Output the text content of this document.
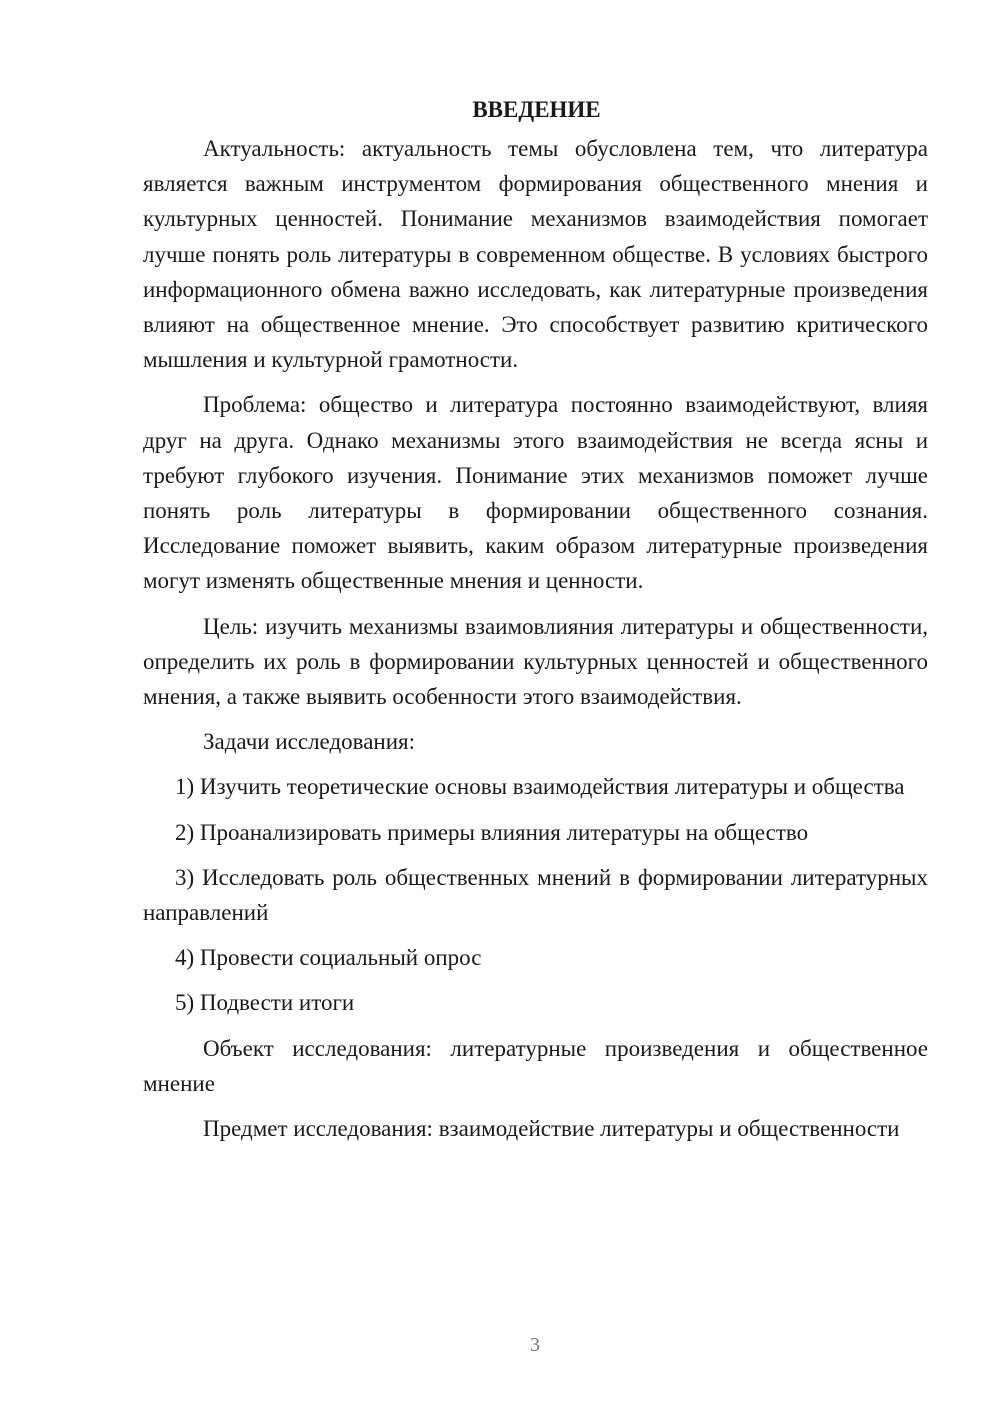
ВВЕДЕНИЕ

Актуальность: актуальность темы обусловлена тем, что литература является важным инструментом формирования общественного мнения и культурных ценностей. Понимание механизмов взаимодействия помогает лучше понять роль литературы в современном обществе. В условиях быстрого информационного обмена важно исследовать, как литературные произведения влияют на общественное мнение. Это способствует развитию критического мышления и культурной грамотности.

Проблема: общество и литература постоянно взаимодействуют, влияя друг на друга. Однако механизмы этого взаимодействия не всегда ясны и требуют глубокого изучения. Понимание этих механизмов поможет лучше понять роль литературы в формировании общественного сознания. Исследование поможет выявить, каким образом литературные произведения могут изменять общественные мнения и ценности.

Цель: изучить механизмы взаимовлияния литературы и общественности, определить их роль в формировании культурных ценностей и общественного мнения, а также выявить особенности этого взаимодействия.

Задачи исследования:

1) Изучить теоретические основы взаимодействия литературы и общества

2) Проанализировать примеры влияния литературы на общество

3) Исследовать роль общественных мнений в формировании литературных направлений

4) Провести социальный опрос

5) Подвести итоги

Объект исследования: литературные произведения и общественное мнение

Предмет исследования: взаимодействие литературы и общественности

3
